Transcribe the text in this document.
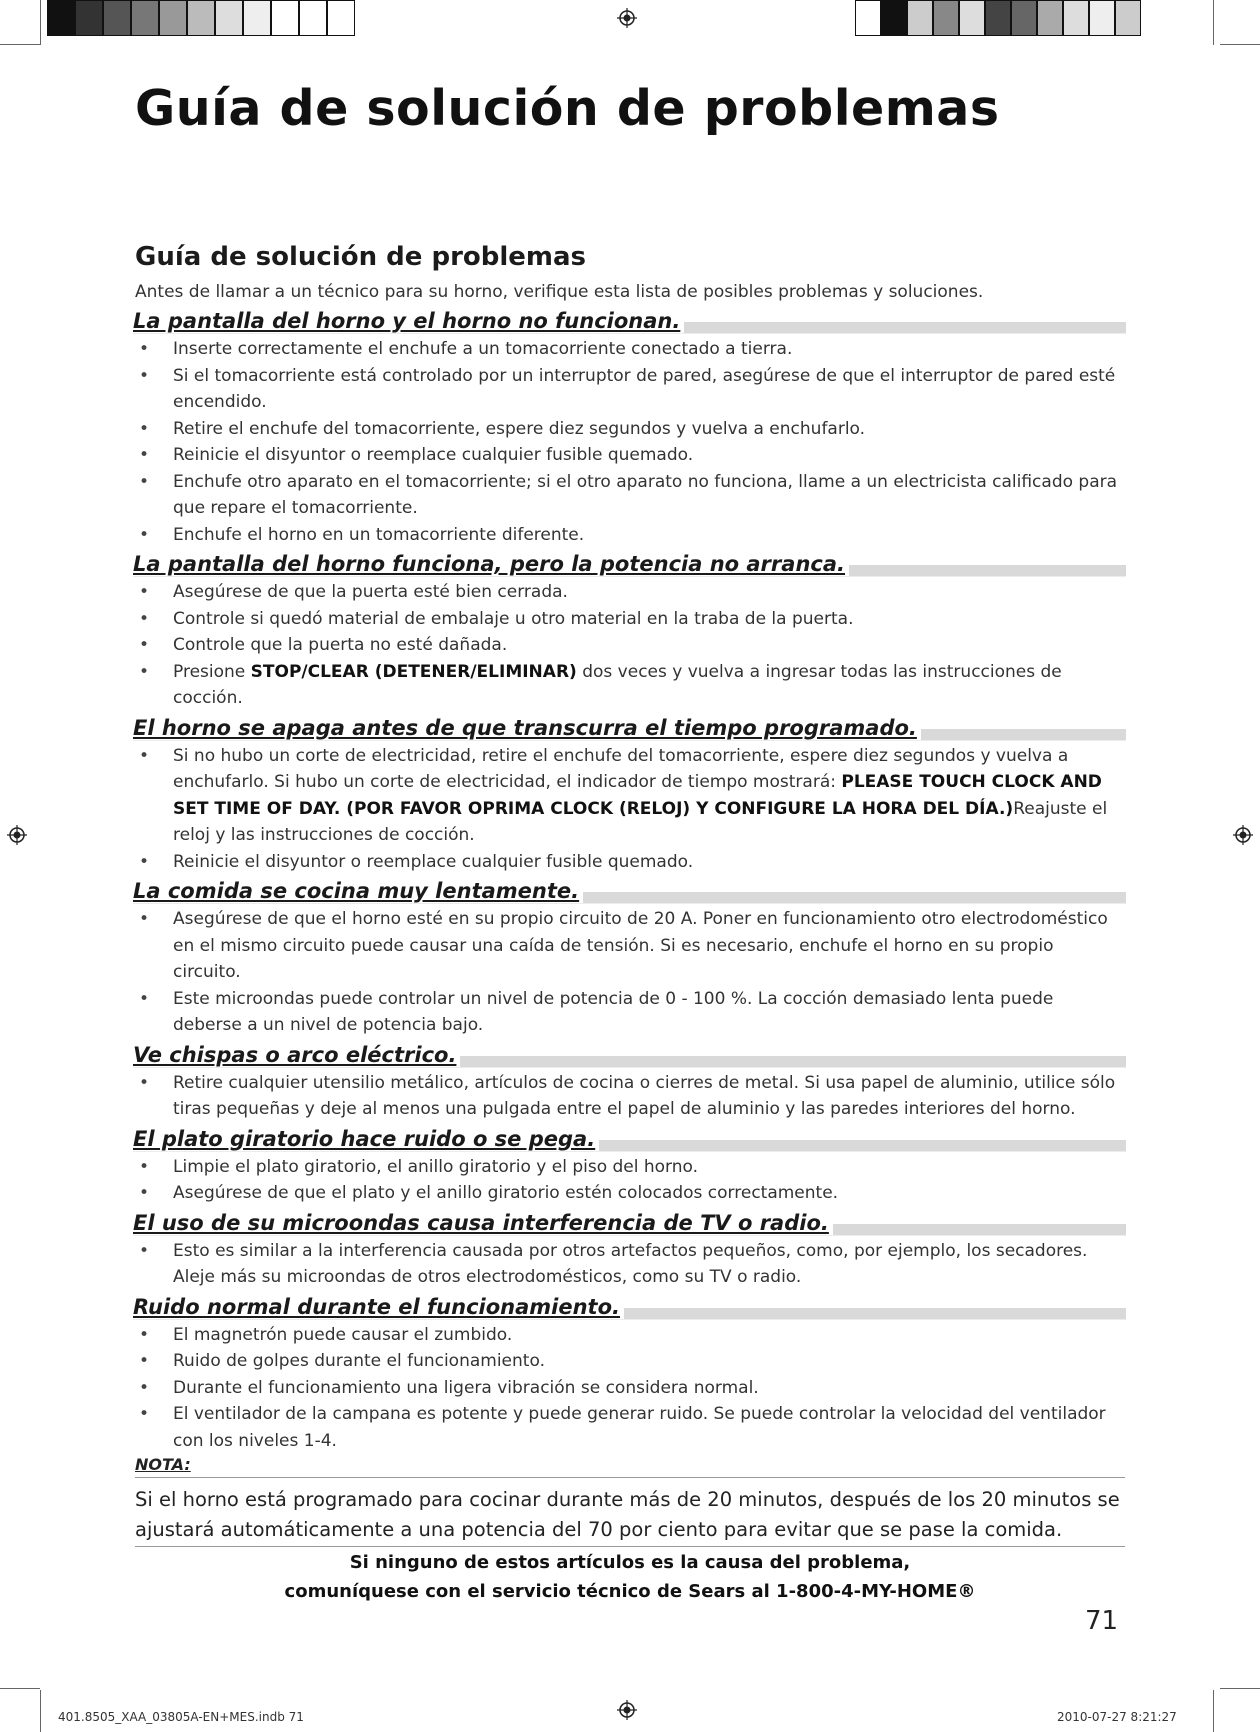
Guía de solución de problemas
Guía de solución de problemas

Antes de llamar a un técnico para su horno, verifique esta lista de posibles problemas y soluciones.

La pantalla del horno y el horno no funcionan.
• Inserte correctamente el enchufe a un tomacorriente conectado a tierra.
• Si el tomacorriente está controlado por un interruptor de pared, asegúrese de que el interruptor de pared esté encendido.
• Retire el enchufe del tomacorriente, espere diez segundos y vuelva a enchufarlo.
• Reinicie el disyuntor o reemplace cualquier fusible quemado.
• Enchufe otro aparato en el tomacorriente; si el otro aparato no funciona, llame a un electricista calificado para que repare el tomacorriente.
• Enchufe el horno en un tomacorriente diferente.
La pantalla del horno funciona, pero la potencia no arranca.
• Asegúrese de que la puerta esté bien cerrada.
• Controle si quedó material de embalaje u otro material en la traba de la puerta.
• Controle que la puerta no esté dañada.
• Presione STOP/CLEAR (DETENER/ELIMINAR) dos veces y vuelva a ingresar todas las instrucciones de cocción.
El horno se apaga antes de que transcurra el tiempo programado.
• Si no hubo un corte de electricidad, retire el enchufe del tomacorriente, espere diez segundos y vuelva a enchufarlo. Si hubo un corte de electricidad, el indicador de tiempo mostrará: PLEASE TOUCH CLOCK AND SET TIME OF DAY. (POR FAVOR OPRIMA CLOCK (RELOJ) Y CONFIGURE LA HORA DEL DÍA.)Reajuste el reloj y las instrucciones de cocción.
• Reinicie el disyuntor o reemplace cualquier fusible quemado.
La comida se cocina muy lentamente.
• Asegúrese de que el horno esté en su propio circuito de 20 A. Poner en funcionamiento otro electrodoméstico en el mismo circuito puede causar una caída de tensión. Si es necesario, enchufe el horno en su propio circuito.
• Este microondas puede controlar un nivel de potencia de 0 - 100 %. La cocción demasiado lenta puede deberse a un nivel de potencia bajo.
Ve chispas o arco eléctrico.
• Retire cualquier utensilio metálico, artículos de cocina o cierres de metal. Si usa papel de aluminio, utilice sólo tiras pequeñas y deje al menos una pulgada entre el papel de aluminio y las paredes interiores del horno.
El plato giratorio hace ruido o se pega.
• Limpie el plato giratorio, el anillo giratorio y el piso del horno.
• Asegúrese de que el plato y el anillo giratorio estén colocados correctamente.
El uso de su microondas causa interferencia de TV o radio.
• Esto es similar a la interferencia causada por otros artefactos pequeños, como, por ejemplo, los secadores. Aleje más su microondas de otros electrodomésticos, como su TV o radio.
Ruido normal durante el funcionamiento.
• El magnetrón puede causar el zumbido.
• Ruido de golpes durante el funcionamiento.
• Durante el funcionamiento una ligera vibración se considera normal.
• El ventilador de la campana es potente y puede generar ruido. Se puede controlar la velocidad del ventilador con los niveles 1-4.
NOTA:

Si el horno está programado para cocinar durante más de 20 minutos, después de los 20 minutos se ajustará automáticamente a una potencia del 70 por ciento para evitar que se pase la comida.

Si ninguno de estos artículos es la causa del problema,
comuníquese con el servicio técnico de Sears al 1-800-4-MY-HOME®
71
401.8505_XAA_03805A-EN+MES.indb 71	2010-07-27 8:21:27
